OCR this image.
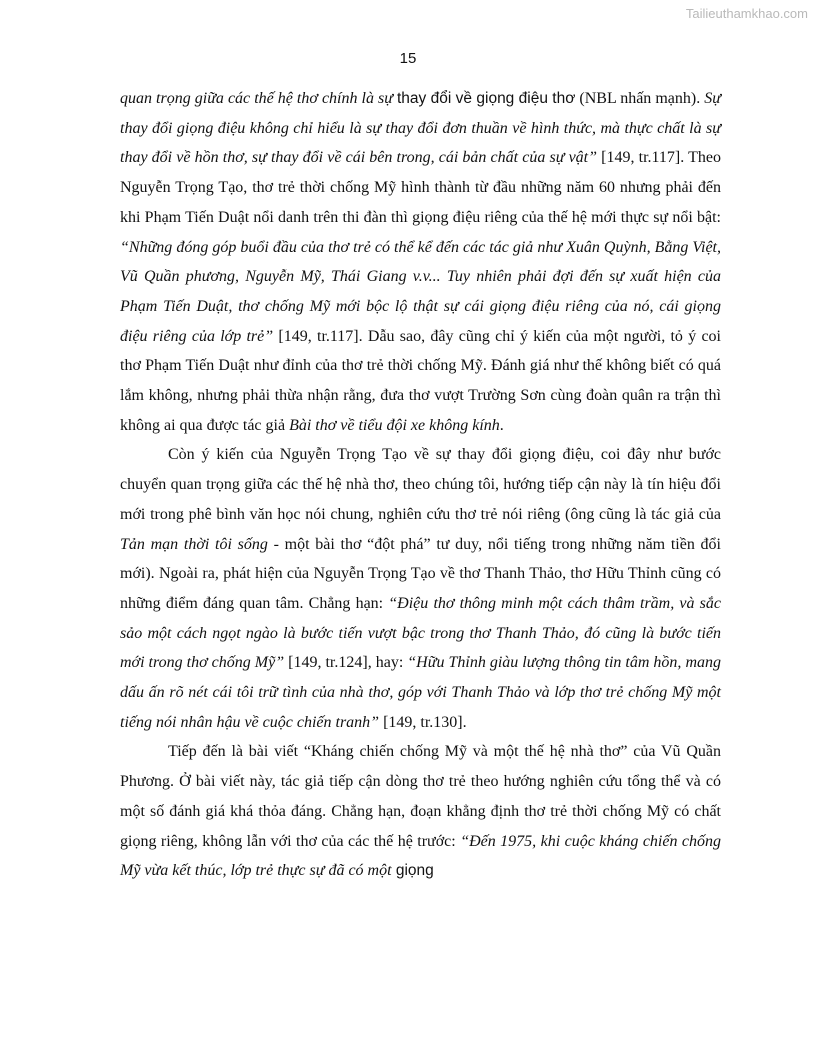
Tailieuthamkhao.com
15

quan trọng giữa các thế hệ thơ chính là sự thay đổi về giọng điệu thơ (NBL nhấn mạnh). Sự thay đổi giọng điệu không chỉ hiểu là sự thay đổi đơn thuần về hình thức, mà thực chất là sự thay đổi về hồn thơ, sự thay đổi về cái bên trong, cái bản chất của sự vật” [149, tr.117]. Theo Nguyễn Trọng Tạo, thơ trẻ thời chống Mỹ hình thành từ đầu những năm 60 nhưng phải đến khi Phạm Tiến Duật nổi danh trên thi đàn thì giọng điệu riêng của thế hệ mới thực sự nổi bật: “Những đóng góp buổi đầu của thơ trẻ có thể kể đến các tác giả như Xuân Quỳnh, Bằng Việt, Vũ Quần phương, Nguyễn Mỹ, Thái Giang v.v... Tuy nhiên phải đợi đến sự xuất hiện của Phạm Tiến Duật, thơ chống Mỹ mới bộc lộ thật sự cái giọng điệu riêng của nó, cái giọng điệu riêng của lớp trẻ” [149, tr.117]. Dẫu sao, đây cũng chỉ ý kiến của một người, tỏ ý coi thơ Phạm Tiến Duật như đỉnh của thơ trẻ thời chống Mỹ. Đánh giá như thế không biết có quá lắm không, nhưng phải thừa nhận rằng, đưa thơ vượt Trường Sơn cùng đoàn quân ra trận thì không ai qua được tác giả Bài thơ về tiểu đội xe không kính.

Còn ý kiến của Nguyễn Trọng Tạo về sự thay đổi giọng điệu, coi đây như bước chuyển quan trọng giữa các thế hệ nhà thơ, theo chúng tôi, hướng tiếp cận này là tín hiệu đổi mới trong phê bình văn học nói chung, nghiên cứu thơ trẻ nói riêng (ông cũng là tác giả của Tản mạn thời tôi sống - một bài thơ “đột phá” tư duy, nổi tiếng trong những năm tiền đổi mới). Ngoài ra, phát hiện của Nguyễn Trọng Tạo về thơ Thanh Thảo, thơ Hữu Thỉnh cũng có những điểm đáng quan tâm. Chẳng hạn: “Điệu thơ thông minh một cách thâm trầm, và sắc sảo một cách ngọt ngào là bước tiến vượt bậc trong thơ Thanh Thảo, đó cũng là bước tiến mới trong thơ chống Mỹ” [149, tr.124], hay: “Hữu Thỉnh giàu lượng thông tin tâm hồn, mang dấu ấn rõ nét cái tôi trữ tình của nhà thơ, góp với Thanh Thảo và lớp thơ trẻ chống Mỹ một tiếng nói nhân hậu về cuộc chiến tranh” [149, tr.130].

Tiếp đến là bài viết “Kháng chiến chống Mỹ và một thế hệ nhà thơ” của Vũ Quần Phương. Ở bài viết này, tác giả tiếp cận dòng thơ trẻ theo hướng nghiên cứu tổng thể và có một số đánh giá khá thỏa đáng. Chẳng hạn, đoạn khẳng định thơ trẻ thời chống Mỹ có chất giọng riêng, không lẫn với thơ của các thế hệ trước: “Đến 1975, khi cuộc kháng chiến chống Mỹ vừa kết thúc, lớp trẻ thực sự đã có một giọng
